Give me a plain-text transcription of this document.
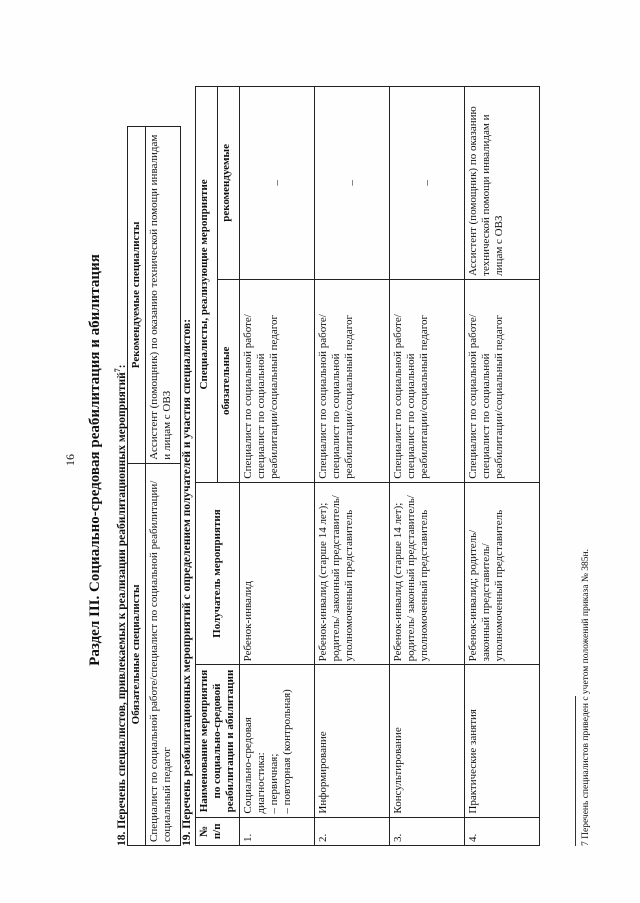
16 Раздел III. Социально-средовая реабилитация и абилитация 18. Перечень специалистов, привлекаемых к реализации реабилитационных мероприятий$^7$:
Обязательные специалисты	Рекомендуемые специалисты
Специалист по социальной работе/специалист по социальной реабилитации/социальный педагог	Ассистент (помощник) по оказанию технической помощи инвалидам и лицам с ОВЗ 19. Перечень реабилитационных мероприятий с определением получателей и участия специалистов: № п/п	Наименование мероприятия по социально-средовой реабилитации и абилитации	Получатель мероприятия	Специалисты, реализующие мероприятие	
			обязательные	рекомендуемые
1.	Социально-средовая диагностика: – первичная; – повторная (контрольная)	Ребенок-инвалид	Специалист по социальной работе/специалист по социальной реабилитации/социальный педагог	–
2.	Информирование	Ребенок-инвалид (старше 14 лет); родитель/ законный представитель/ уполномоченный представитель	Специалист по социальной работе/специалист по социальной реабилитации/социальный педагог	–
3.	Консультирование	Ребенок-инвалид (старше 14 лет); родитель/ законный представитель/ уполномоченный представитель	Специалист по социальной работе/специалист по социальной реабилитации/социальный педагог	–
4.	Практические занятия	Ребенок-инвалид; родитель/ законный представитель/ уполномоченный представитель	Специалист по социальной работе/специалист по социальной реабилитации/социальный педагог	Ассистент (помощник) по оказанию технической помощи инвалидам и лицам с ОВЗ
7 Перечень специалистов приведен с учетом положений приказа № 385н.
